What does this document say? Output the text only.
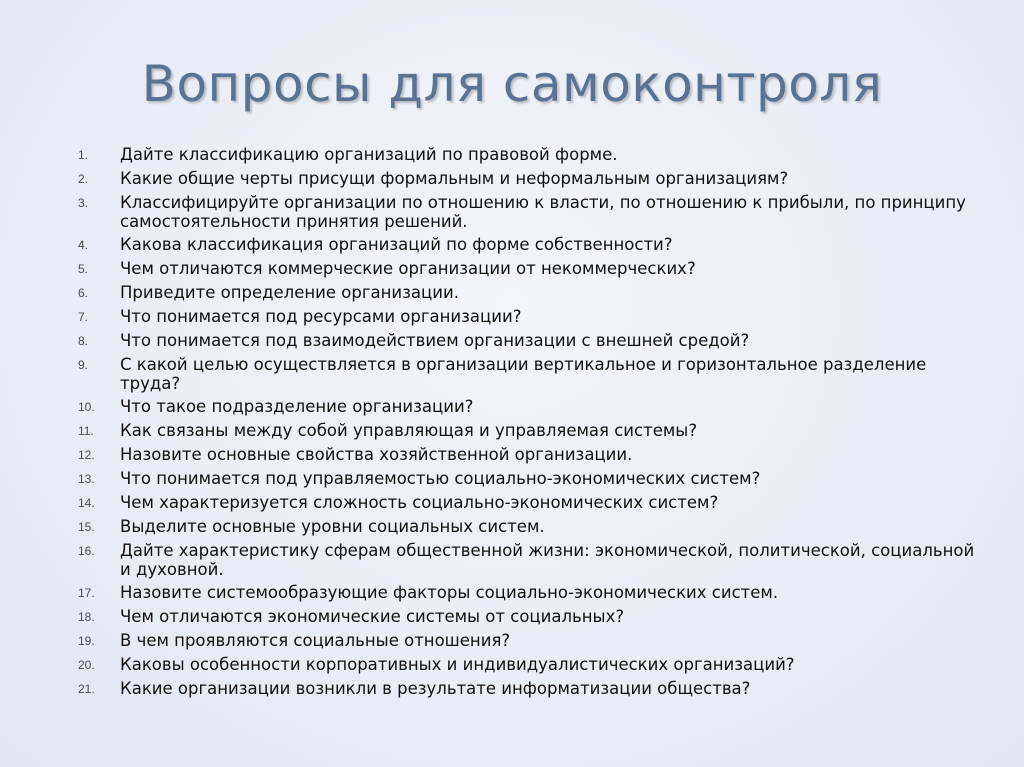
Вопросы для самоконтроля
1.	Дайте классификацию организаций по правовой форме.
2.	Какие общие черты присущи формальным и неформальным организациям?
3.	Классифицируйте организации по отношению к власти, по отношению к прибыли, по принципу самостоятельности принятия решений.
4.	Какова классификация организаций по форме собственности?
5.	Чем отличаются коммерческие организации от некоммерческих?
6.	Приведите определение организации.
7.	Что понимается под ресурсами организации?
8.	Что понимается под взаимодействием организации с внешней средой?
9.	С какой целью осуществляется в организации вертикальное и горизонтальное разделение труда?
10.	Что такое подразделение организации?
11.	Как связаны между собой управляющая и управляемая системы?
12.	Назовите основные свойства хозяйственной организации.
13.	Что понимается под управляемостью социально-экономических систем?
14.	Чем характеризуется сложность социально-экономических систем?
15.	Выделите основные уровни социальных систем.
16.	Дайте характеристику сферам общественной жизни: экономической, политической, социальной и духовной.
17.	Назовите системообразующие факторы социально-экономических систем.
18.	Чем отличаются экономические системы от социальных?
19.	В чем проявляются социальные отношения?
20.	Каковы особенности корпоративных и индивидуалистических организаций?
21.	Какие организации возникли в результате информатизации общества?
